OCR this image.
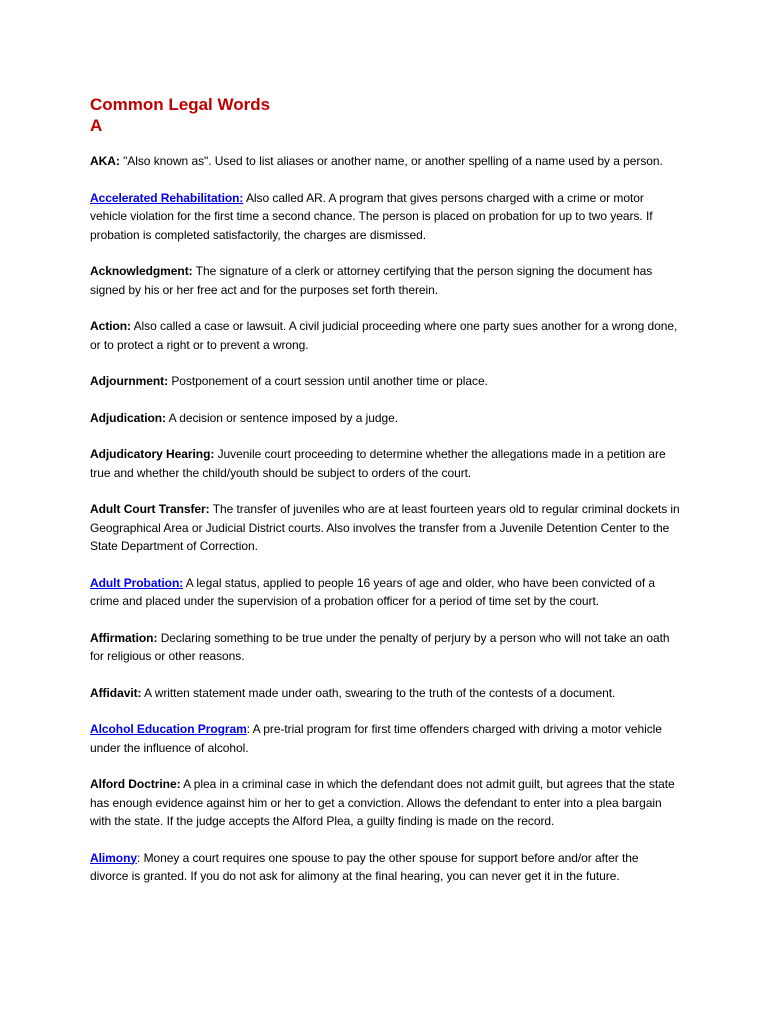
Common Legal Words
A

AKA: "Also known as". Used to list aliases or another name, or another spelling of a name used by a person.

Accelerated Rehabilitation: Also called AR. A program that gives persons charged with a crime or motor vehicle violation for the first time a second chance. The person is placed on probation for up to two years. If probation is completed satisfactorily, the charges are dismissed.

Acknowledgment: The signature of a clerk or attorney certifying that the person signing the document has signed by his or her free act and for the purposes set forth therein.

Action: Also called a case or lawsuit. A civil judicial proceeding where one party sues another for a wrong done, or to protect a right or to prevent a wrong.

Adjournment: Postponement of a court session until another time or place.

Adjudication: A decision or sentence imposed by a judge.

Adjudicatory Hearing: Juvenile court proceeding to determine whether the allegations made in a petition are true and whether the child/youth should be subject to orders of the court.

Adult Court Transfer: The transfer of juveniles who are at least fourteen years old to regular criminal dockets in Geographical Area or Judicial District courts. Also involves the transfer from a Juvenile Detention Center to the State Department of Correction.

Adult Probation: A legal status, applied to people 16 years of age and older, who have been convicted of a crime and placed under the supervision of a probation officer for a period of time set by the court.

Affirmation: Declaring something to be true under the penalty of perjury by a person who will not take an oath for religious or other reasons.

Affidavit: A written statement made under oath, swearing to the truth of the contests of a document.

Alcohol Education Program: A pre-trial program for first time offenders charged with driving a motor vehicle under the influence of alcohol.

Alford Doctrine: A plea in a criminal case in which the defendant does not admit guilt, but agrees that the state has enough evidence against him or her to get a conviction. Allows the defendant to enter into a plea bargain with the state. If the judge accepts the Alford Plea, a guilty finding is made on the record.

Alimony: Money a court requires one spouse to pay the other spouse for support before and/or after the divorce is granted. If you do not ask for alimony at the final hearing, you can never get it in the future.
